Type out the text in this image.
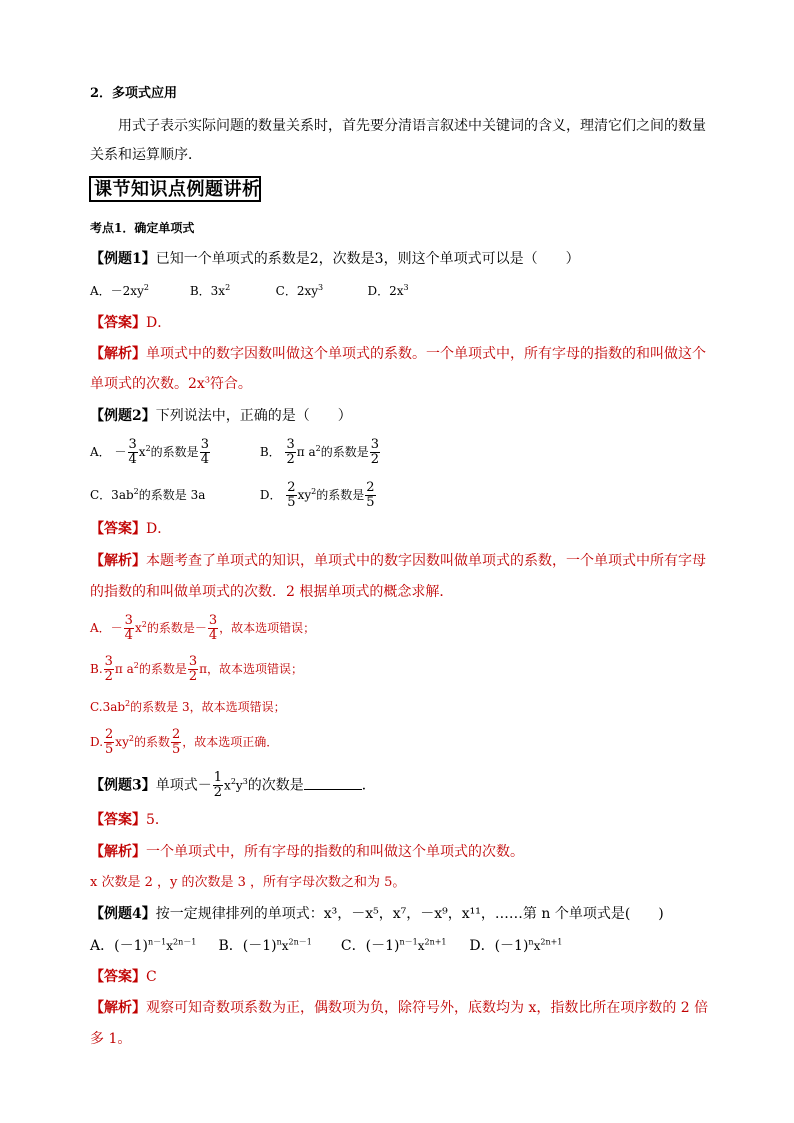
2．多项式应用
用式子表示实际问题的数量关系时，首先要分清语言叙述中关键词的含义，理清它们之间的数量
关系和运算顺序．
课节知识点例题讲析
考点1．确定单项式
【例题1】已知一个单项式的系数是2，次数是3，则这个单项式可以是（　　）
A．$-2xy^2$	B．$3x^2$	C．$2xy^3$	D．$2x^3$
【答案】D．
【解析】单项式中的数字因数叫做这个单项式的系数。一个单项式中，所有字母的指数的和叫做这个
单项式的次数。$2x^3$符合。
【例题2】下列说法中，正确的是（　　）
A． － $\frac{3}{4} x^2$的系数是 $\frac{3}{4}$	B． $\frac{3}{2}$ π $a^2$的系数是 $\frac{3}{2}$
C．$3ab^2$的系数是 3a	D． $\frac{2}{5} xy^2$的系数是 $\frac{2}{5}$
【答案】D．
【解析】本题考查了单项式的知识，单项式中的数字因数叫做单项式的系数，一个单项式中所有字母
的指数的和叫做单项式的次数．2 根据单项式的概念求解．
A．－ $\frac{3}{4} x^2$的系数是－ $\frac{3}{4}$ ，故本选项错误；
B. $\frac{3}{2}$ π $a^2$的系数是 $\frac{3}{2}$ π，故本选项错误；
$C.3ab^2$的系数是 3，故本选项错误；
D. $\frac{2}{5} xy^2$的系数 $\frac{2}{5}$ ，故本选项正确．
【例题3】单项式－ $\frac{1}{2} x^2y^3$的次数是	．
【答案】5．
【解析】一个单项式中，所有字母的指数的和叫做这个单项式的次数。
x 次数是 2 ，y 的次数是 3 ，所有字母次数之和为 5。
【例题4】按一定规律排列的单项式：x³，－x⁵，x⁷，－x⁹，x¹¹，……第 n 个单项式是(　　)
A．$(-1)^{n-1}x^{2n-1}$ B．$(-1)^nx^{2n-1}$ C．$(-1)^{n-1}x^{2n+1}$ D．$(-1)^nx^{2n+1}$
【答案】C
【解析】观察可知奇数项系数为正，偶数项为负，除符号外，底数均为 x，指数比所在项序数的 2 倍
多 1。
